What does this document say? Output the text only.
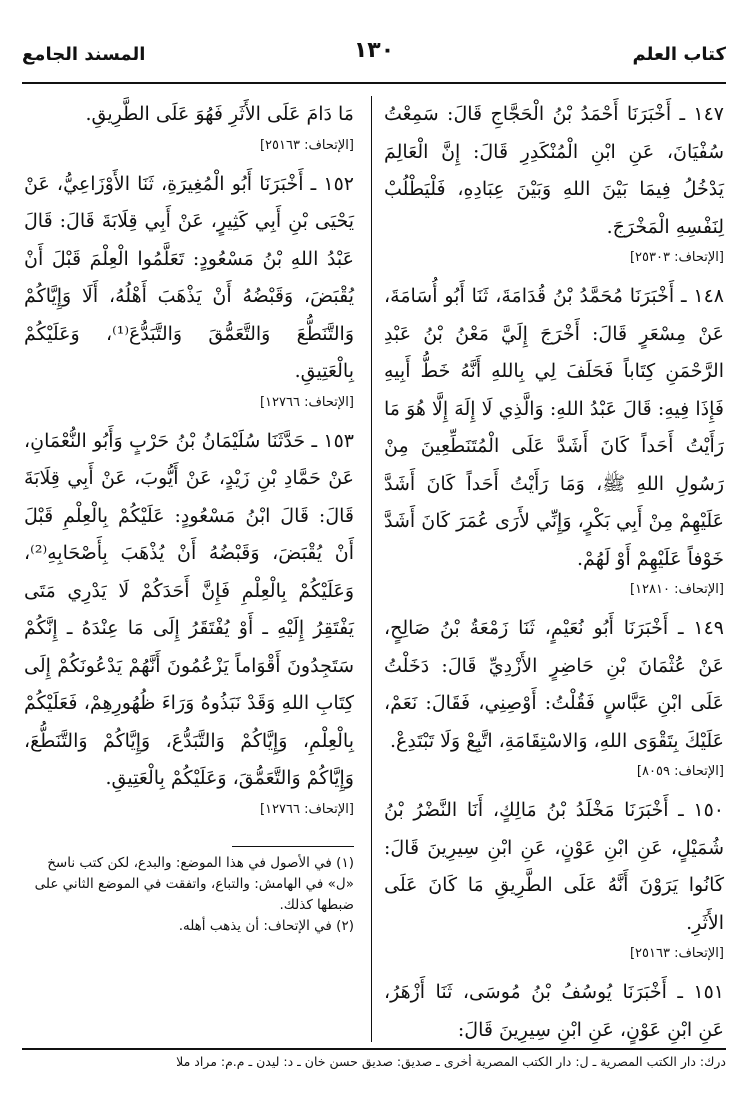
كتاب العلم
١٣٠
المسند الجامع

١٤٧ ـ أَخْبَرَنَا أَحْمَدُ بْنُ الْحَجَّاجِ قَالَ: سَمِعْتُ سُفْيَانَ، عَنِ ابْنِ الْمُنْكَدِرِ قَالَ: إِنَّ الْعَالِمَ يَدْخُلُ فِيمَا بَيْنَ اللهِ وَبَيْنَ عِبَادِهِ، فَلْيَطْلُبْ لِنَفْسِهِ الْمَخْرَجَ.

[الإتحاف: ٢٥٣٠٣]

١٤٨ ـ أَخْبَرَنَا مُحَمَّدُ بْنُ قُدَامَةَ، ثَنَا أَبُو أُسَامَةَ، عَنْ مِسْعَرٍ قَالَ: أَخْرَجَ إِلَيَّ مَعْنُ بْنُ عَبْدِ الرَّحْمَنِ كِتَاباً فَحَلَفَ لِي بِاللهِ أَنَّهُ خَطُّ أَبِيهِ فَإِذَا فِيهِ: قَالَ عَبْدُ اللهِ: وَالَّذِي لَا إِلَهَ إِلَّا هُوَ مَا رَأَيْتُ أَحَداً كَانَ أَشَدَّ عَلَى الْمُتَنَطِّعِينَ مِنْ رَسُولِ اللهِ ﷺ، وَمَا رَأَيْتُ أَحَداً كَانَ أَشَدَّ عَلَيْهِمْ مِنْ أَبِي بَكْرٍ، وَإِنِّي لأَرَى عُمَرَ كَانَ أَشَدَّ خَوْفاً عَلَيْهِمْ أَوْ لَهُمْ.

[الإتحاف: ١٢٨١٠]

١٤٩ ـ أَخْبَرَنَا أَبُو نُعَيْمٍ، ثَنَا زَمْعَةُ بْنُ صَالِحٍ، عَنْ عُثْمَانَ بْنِ حَاضِرٍ الأَزْدِيِّ قَالَ: دَخَلْتُ عَلَى ابْنِ عَبَّاسٍ فَقُلْتُ: أَوْصِنِي، فَقَالَ: نَعَمْ، عَلَيْكَ بِتَقْوَى اللهِ، وَالاسْتِقَامَةِ، اتَّبِعْ وَلَا تَبْتَدِعْ.

[الإتحاف: ٨٠٥٩]

١٥٠ ـ أَخْبَرَنَا مَخْلَدُ بْنُ مَالِكٍ، أَنَا النَّضْرُ بْنُ شُمَيْلٍ، عَنِ ابْنِ عَوْنٍ، عَنِ ابْنِ سِيرِينَ قَالَ: كَانُوا يَرَوْنَ أَنَّهُ عَلَى الطَّرِيقِ مَا كَانَ عَلَى الأَثَرِ.

[الإتحاف: ٢٥١٦٣]

١٥١ ـ أَخْبَرَنَا يُوسُفُ بْنُ مُوسَى، ثَنَا أَزْهَرُ، عَنِ ابْنِ عَوْنٍ، عَنِ ابْنِ سِيرِينَ قَالَ:

مَا دَامَ عَلَى الأَثَرِ فَهُوَ عَلَى الطَّرِيقِ.

[الإتحاف: ٢٥١٦٣]

١٥٢ ـ أَخْبَرَنَا أَبُو الْمُغِيرَةِ، ثَنَا الأَوْزَاعِيُّ، عَنْ يَحْيَى بْنِ أَبِي كَثِيرٍ، عَنْ أَبِي قِلَابَةَ قَالَ: قَالَ عَبْدُ اللهِ بْنُ مَسْعُودٍ: تَعَلَّمُوا الْعِلْمَ قَبْلَ أَنْ يُقْبَضَ، وَقَبْضُهُ أَنْ يَذْهَبَ أَهْلُهُ، أَلَا وَإِيَّاكُمْ وَالتَّنَطُّعَ وَالتَّعَمُّقَ وَالتَّبَدُّعَ⁽¹⁾، وَعَلَيْكُمْ بِالْعَتِيقِ.

[الإتحاف: ١٢٧٦٦]

١٥٣ ـ حَدَّثَنَا سُلَيْمَانُ بْنُ حَرْبٍ وَأَبُو النُّعْمَانِ، عَنْ حَمَّادِ بْنِ زَيْدٍ، عَنْ أَيُّوبَ، عَنْ أَبِي قِلَابَةَ قَالَ: قَالَ ابْنُ مَسْعُودٍ: عَلَيْكُمْ بِالْعِلْمِ قَبْلَ أَنْ يُقْبَضَ، وَقَبْضُهُ أَنْ يُذْهَبَ بِأَصْحَابِهِ⁽²⁾، وَعَلَيْكُمْ بِالْعِلْمِ فَإِنَّ أَحَدَكُمْ لَا يَدْرِي مَتَى يَفْتَقِرُ إِلَيْهِ ـ أَوْ يُفْتَقَرُ إِلَى مَا عِنْدَهُ ـ إِنَّكُمْ سَتَجِدُونَ أَقْوَاماً يَزْعُمُونَ أَنَّهُمْ يَدْعُونَكُمْ إِلَى كِتَابِ اللهِ وَقَدْ نَبَذُوهُ وَرَاءَ ظُهُورِهِمْ، فَعَلَيْكُمْ بِالْعِلْمِ، وَإِيَّاكُمْ وَالتَّبَدُّعَ، وَإِيَّاكُمْ وَالتَّنَطُّعَ، وَإِيَّاكُمْ وَالتَّعَمُّقَ، وَعَلَيْكُمْ بِالْعَتِيقِ.

[الإتحاف: ١٢٧٦٦]

(١) في الأصول في هذا الموضع: والبدع، لكن كتب ناسخ «ل» في الهامش: والتباع، واتفقت في الموضع الثاني على ضبطها كذلك.

(٢) في الإتحاف: أن يذهب أهله.

درك: دار الكتب المصرية ـ ل: دار الكتب المصرية أخرى ـ صديق: صديق حسن خان ـ د: ليدن ـ م.م: مراد ملا
